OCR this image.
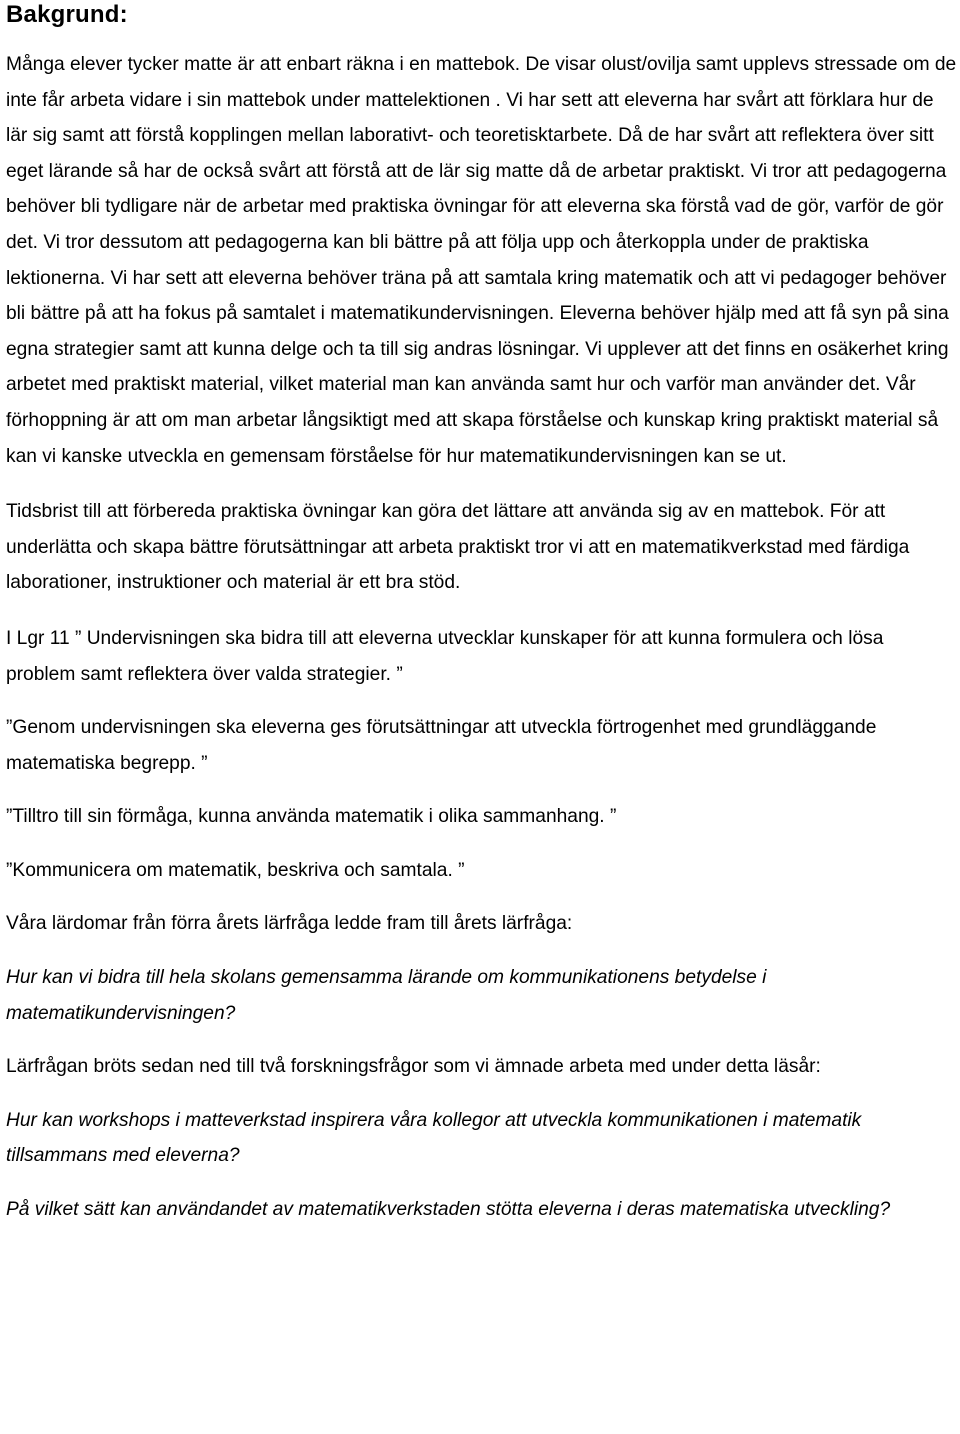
Bakgrund:

Många elever tycker matte är att enbart räkna i en mattebok. De visar olust/ovilja samt upplevs stressade om de inte får arbeta vidare i sin mattebok under mattelektionen . Vi har sett att eleverna har svårt att förklara hur de lär sig samt att förstå kopplingen mellan laborativt- och teoretisktarbete. Då de har svårt att reflektera över sitt eget lärande så har de också svårt att förstå att de lär sig matte då de arbetar praktiskt. Vi tror att pedagogerna behöver bli tydligare när de arbetar med praktiska övningar för att eleverna ska förstå vad de gör, varför de gör det. Vi tror dessutom att pedagogerna kan bli bättre på att följa upp och återkoppla under de praktiska lektionerna. Vi har sett att eleverna behöver träna på att samtala kring matematik och att vi pedagoger behöver bli bättre på att ha fokus på samtalet i matematikundervisningen. Eleverna behöver hjälp med att få syn på sina egna strategier samt att kunna delge och ta till sig andras lösningar. Vi upplever att det finns en osäkerhet kring arbetet med praktiskt material, vilket material man kan använda samt hur och varför man använder det. Vår förhoppning är att om man arbetar långsiktigt med att skapa förståelse och kunskap kring praktiskt material så kan vi kanske utveckla en gemensam förståelse för hur matematikundervisningen kan se ut.

Tidsbrist till att förbereda praktiska övningar kan göra det lättare att använda sig av en mattebok. För att underlätta och skapa bättre förutsättningar att arbeta praktiskt tror vi att en matematikverkstad med färdiga laborationer, instruktioner och material är ett bra stöd.

I Lgr 11 ” Undervisningen ska bidra till att eleverna utvecklar kunskaper för att kunna formulera och lösa problem samt reflektera över valda strategier. ”

”Genom undervisningen ska eleverna ges förutsättningar att utveckla förtrogenhet med grundläggande matematiska begrepp. ”

”Tilltro till sin förmåga, kunna använda matematik i olika sammanhang. ”

”Kommunicera om matematik, beskriva och samtala. ”

Våra lärdomar från förra årets lärfråga ledde fram till årets lärfråga:

Hur kan vi bidra till hela skolans gemensamma lärande om kommunikationens betydelse i matematikundervisningen?

Lärfrågan bröts sedan ned till två forskningsfrågor som vi ämnade arbeta med under detta läsår:

Hur kan workshops i matteverkstad inspirera våra kollegor att utveckla kommunikationen i matematik tillsammans med eleverna?

På vilket sätt kan användandet av matematikverkstaden stötta eleverna i deras matematiska utveckling?
